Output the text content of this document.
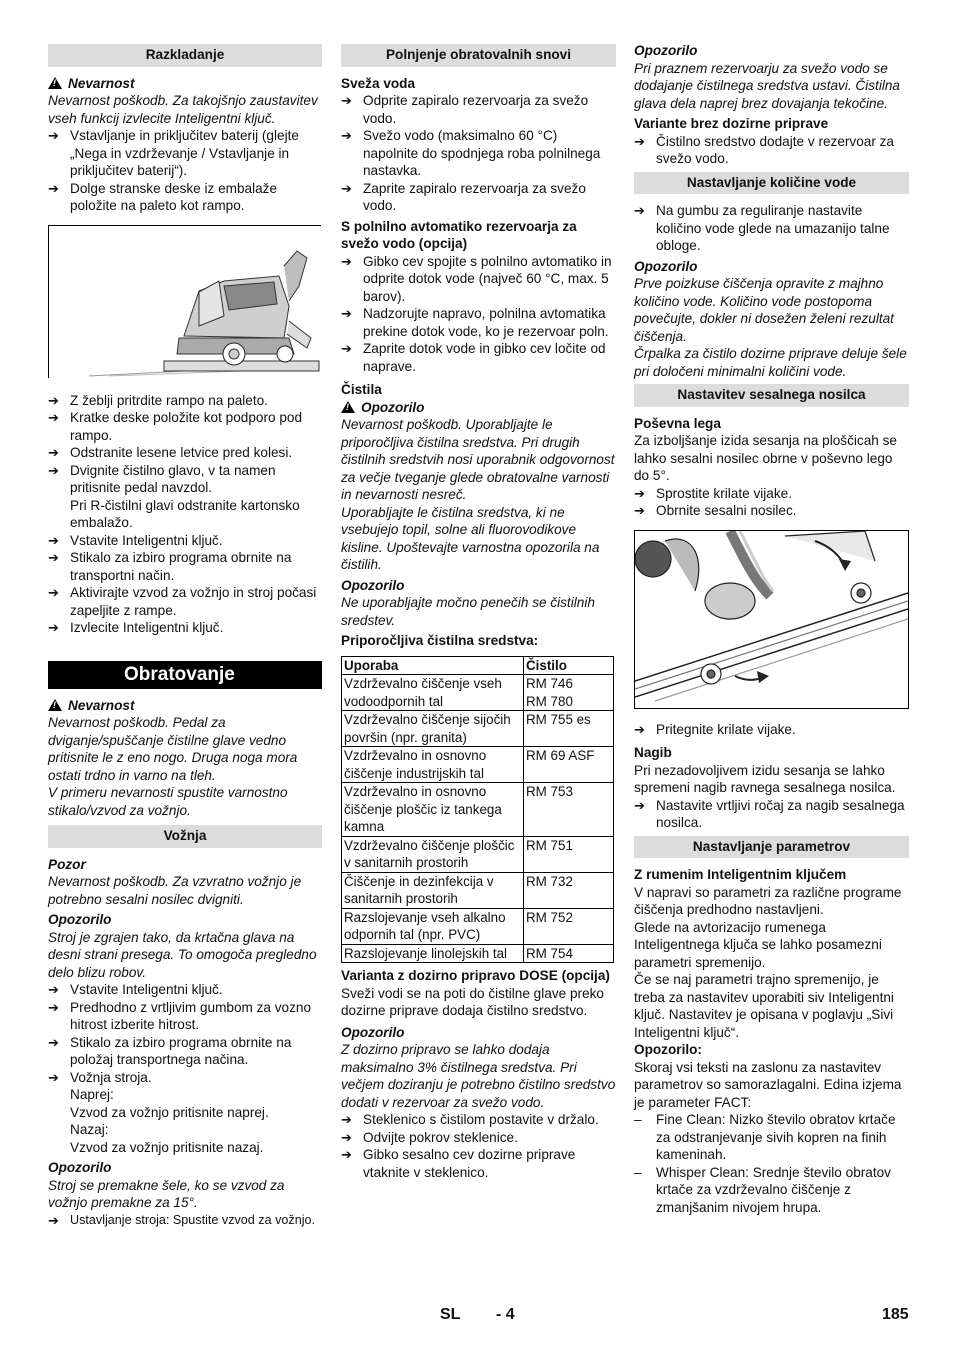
Razkladanje
!Nevarnost

Nevarnost poškodb. Za takojšnjo zaustavitev vseh funkcij izvlecite Inteligentni ključ.

➔ Vstavljanje in priključitev baterij (glejte „Nega in vzdrževanje / Vstavljanje in priključitev baterij“).
➔ Dolge stranske deske iz embalaže položite na paleto kot rampo.
➔ Z žeblji pritrdite rampo na paleto.
➔ Kratke deske položite kot podporo pod rampo.
➔ Odstranite lesene letvice pred kolesi.
➔ Dvignite čistilno glavo, v ta namen pritisnite pedal navzdol.
Pri R-čistilni glavi odstranite kartonsko embalažo.
➔ Vstavite Inteligentni ključ.
➔ Stikalo za izbiro programa obrnite na transportni način.
➔ Aktivirajte vzvod za vožnjo in stroj počasi zapeljite z rampe.
➔ Izvlecite Inteligentni ključ.
Obratovanje
!Nevarnost

Nevarnost poškodb. Pedal za dviganje/spuščanje čistilne glave vedno pritisnite le z eno nogo. Druga noga mora ostati trdno in varno na tleh.

V primeru nevarnosti spustite varnostno stikalo/vzvod za vožnjo.

Vožnja
Pozor

Nevarnost poškodb. Za vzvratno vožnjo je potrebno sesalni nosilec dvigniti.

Opozorilo

Stroj je zgrajen tako, da krtačna glava na desni strani presega. To omogoča preglednо delo blizu robov.

➔ Vstavite Inteligentni ključ.
➔ Predhodno z vrtljivim gumbom za vozno hitrost izberite hitrost.
➔ Stikalo za izbiro programa obrnite na položaj transportnega načina.
➔ Vožnja stroja.
Naprej:
Vzvod za vožnjo pritisnite naprej.
Nazaj:
Vzvod za vožnjo pritisnite nazaj.
Opozorilo

Stroj se premakne šele, ko se vzvod za vožnjo premakne za 15°.

➔ Ustavljanje stroja: Spustite vzvod za vožnjo.
Polnjenje obratovalnih snovi
Sveža voda
➔ Odprite zapiralo rezervoarja za svežo vodo.
➔ Svežo vodo (maksimalno 60 °C) napolnite do spodnjega roba polnilnega nastavka.
➔ Zaprite zapiralo rezervoarja za svežo vodo.
S polnilnо avtomatiko rezervoarja za svežo vodo (opcija)
➔ Gibko cev spojite s polnilno avtomatiko in odprite dotok vode (največ 60 °C, max. 5 barov).
➔ Nadzorujte napravo, polnilna avtomatika prekine dotok vode, ko je rezervoar poln.
➔ Zaprite dotok vode in gibko cev ločite od naprave.
Čistila
!Opozorilo

Nevarnost poškodb. Uporabljajte le priporočljiva čistilna sredstva. Pri drugih čistilnih sredstvih nosi uporabnik odgovornost za večje tveganje glede obratovalne varnosti in nevarnosti nesreč.

Uporabljajte le čistilna sredstva, ki ne vsebujejo topil, solne ali fluorovodikove kisline. Upoštevajte varnostna opozorila na čistilih.

Opozorilo

Ne uporabljajte močno penečih se čistilnih sredstev.

Priporočljiva čistilna sredstva:
Uporaba	Čistilo
Vzdrževalno čiščenje vseh vodoodpornih tal	RM 746
RM 780
Vzdrževalno čiščenje sijočih površin (npr. granita)	RM 755 es
Vzdrževalno in osnovno čiščenje industrijskih tal	RM 69 ASF
Vzdrževalno in osnovno čiščenje ploščic iz tankega kamna	RM 753
Vzdrževalno čiščenje ploščic v sanitarnih prostorih	RM 751
Čiščenje in dezinfekcija v sanitarnih prostorih	RM 732
Razslojevanje vseh alkalno odpornih tal (npr. PVC)	RM 752
Razslojevanje linolejskih tal	RM 754
Varianta z dozirno pripravo DOSE (opcija)

Sveži vodi se na poti do čistilne glave preko dozirne priprave dodaja čistilno sredstvo.

Opozorilo

Z dozirno pripravo se lahko dodaja maksimalno 3% čistilnega sredstva. Pri večjem doziranju je potrebno čistilno sredstvo dodati v rezervoar za svežo vodo.

➔ Steklenico s čistilom postavite v držalo.
➔ Odvijte pokrov steklenice.
➔ Gibko sesalno cev dozirne priprave vtaknite v steklenico.
Opozorilo

Pri praznem rezervoarju za svežo vodo se dodajanje čistilnega sredstva ustavi. Čistilna glava dela naprej brez dovajanja tekočine.

Variante brez dozirne priprave
➔ Čistilno sredstvo dodajte v rezervoar za svežo vodo.
Nastavljanje količine vode
➔ Na gumbu za reguliranje nastavite količino vode glede na umazanijo talne obloge.
Opozorilo

Prve poizkuse čiščenja opravite z majhno količino vode. Količino vode postopoma povečujte, dokler ni dosežen želeni rezultat čiščenja.

Črpalka za čistilo dozirne priprave deluje šele pri določeni minimalni količini vode.

Nastavitev sesalnega nosilca
Poševna lega

Za izboljšanje izida sesanja na ploščicah se lahko sesalni nosilec obrne v poševno lego do 5°.

➔ Sprostite krilate vijake.
➔ Obrnite sesalni nosilec.
➔ Pritegnite krilate vijake.
Nagib

Pri nezadovoljivem izidu sesanja se lahko spremeni nagib ravnega sesalnega nosilca.

➔ Nastavite vrtljivi ročaj za nagib sesalnega nosilca.
Nastavljanje parametrov
Z rumenim Inteligentnim ključem

V napravi so parametri za različne programe čiščenja predhodno nastavljeni.

Glede na avtorizacijo rumenega Inteligentnega ključa se lahko posamezni parametri spremenijo.

Če se naj parametri trajno spremenijo, je treba za nastavitev uporabiti siv Inteligentni ključ. Nastavitev je opisana v poglavju „Sivi Inteligentni ključ“.

Opozorilo:

Skoraj vsi teksti na zaslonu za nastavitev parametrov so samorazlagalni. Edina izjema je parameter FACT:

– Fine Clean: Nizko število obratov krtače za odstranjevanje sivih kopren na finih kameninah.
– Whisper Clean: Srednje število obratov krtače za vzdrževalno čiščenje z zmanjšanim nivojem hrupa.
SL - 4	185
